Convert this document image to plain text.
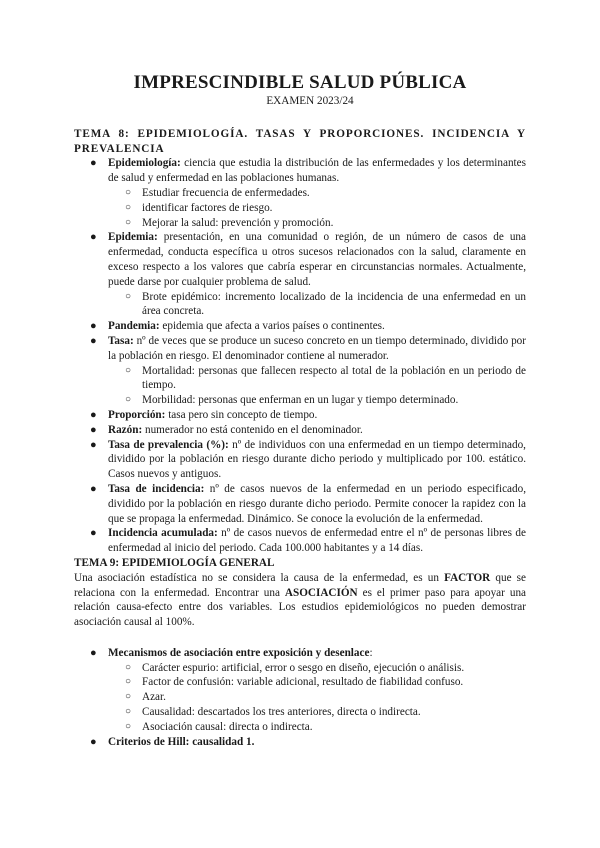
IMPRESCINDIBLE SALUD PÚBLICA

EXAMEN 2023/24

TEMA 8: EPIDEMIOLOGÍA. TASAS Y PROPORCIONES. INCIDENCIA Y PREVALENCIA

● Epidemiología: ciencia que estudia la distribución de las enfermedades y los determinantes de salud y enfermedad en las poblaciones humanas.
○ Estudiar frecuencia de enfermedades.
○ identificar factores de riesgo.
○ Mejorar la salud: prevención y promoción.
● Epidemia: presentación, en una comunidad o región, de un número de casos de una enfermedad, conducta específica u otros sucesos relacionados con la salud, claramente en exceso respecto a los valores que cabría esperar en circunstancias normales. Actualmente, puede darse por cualquier problema de salud.
○ Brote epidémico: incremento localizado de la incidencia de una enfermedad en un área concreta.
● Pandemia: epidemia que afecta a varios países o continentes.
● Tasa: nº de veces que se produce un suceso concreto en un tiempo determinado, dividido por la población en riesgo. El denominador contiene al numerador.
○ Mortalidad: personas que fallecen respecto al total de la población en un periodo de tiempo.
○ Morbilidad: personas que enferman en un lugar y tiempo determinado.
● Proporción: tasa pero sin concepto de tiempo.
● Razón: numerador no está contenido en el denominador.
● Tasa de prevalencia (%): nº de individuos con una enfermedad en un tiempo determinado, dividido por la población en riesgo durante dicho periodo y multiplicado por 100. estático. Casos nuevos y antiguos.
● Tasa de incidencia: nº de casos nuevos de la enfermedad en un periodo especificado, dividido por la población en riesgo durante dicho periodo. Permite conocer la rapidez con la que se propaga la enfermedad. Dinámico. Se conoce la evolución de la enfermedad.
● Incidencia acumulada: nº de casos nuevos de enfermedad entre el nº de personas libres de enfermedad al inicio del periodo. Cada 100.000 habitantes y a 14 días.

TEMA 9: EPIDEMIOLOGÍA GENERAL

Una asociación estadística no se considera la causa de la enfermedad, es un FACTOR que se relaciona con la enfermedad. Encontrar una ASOCIACIÓN es el primer paso para apoyar una relación causa-efecto entre dos variables. Los estudios epidemiológicos no pueden demostrar asociación causal al 100%.

● Mecanismos de asociación entre exposición y desenlace:
○ Carácter espurio: artificial, error o sesgo en diseño, ejecución o análisis.
○ Factor de confusión: variable adicional, resultado de fiabilidad confuso.
○ Azar.
○ Causalidad: descartados los tres anteriores, directa o indirecta.
○ Asociación causal: directa o indirecta.
● Criterios de Hill: causalidad 1.
